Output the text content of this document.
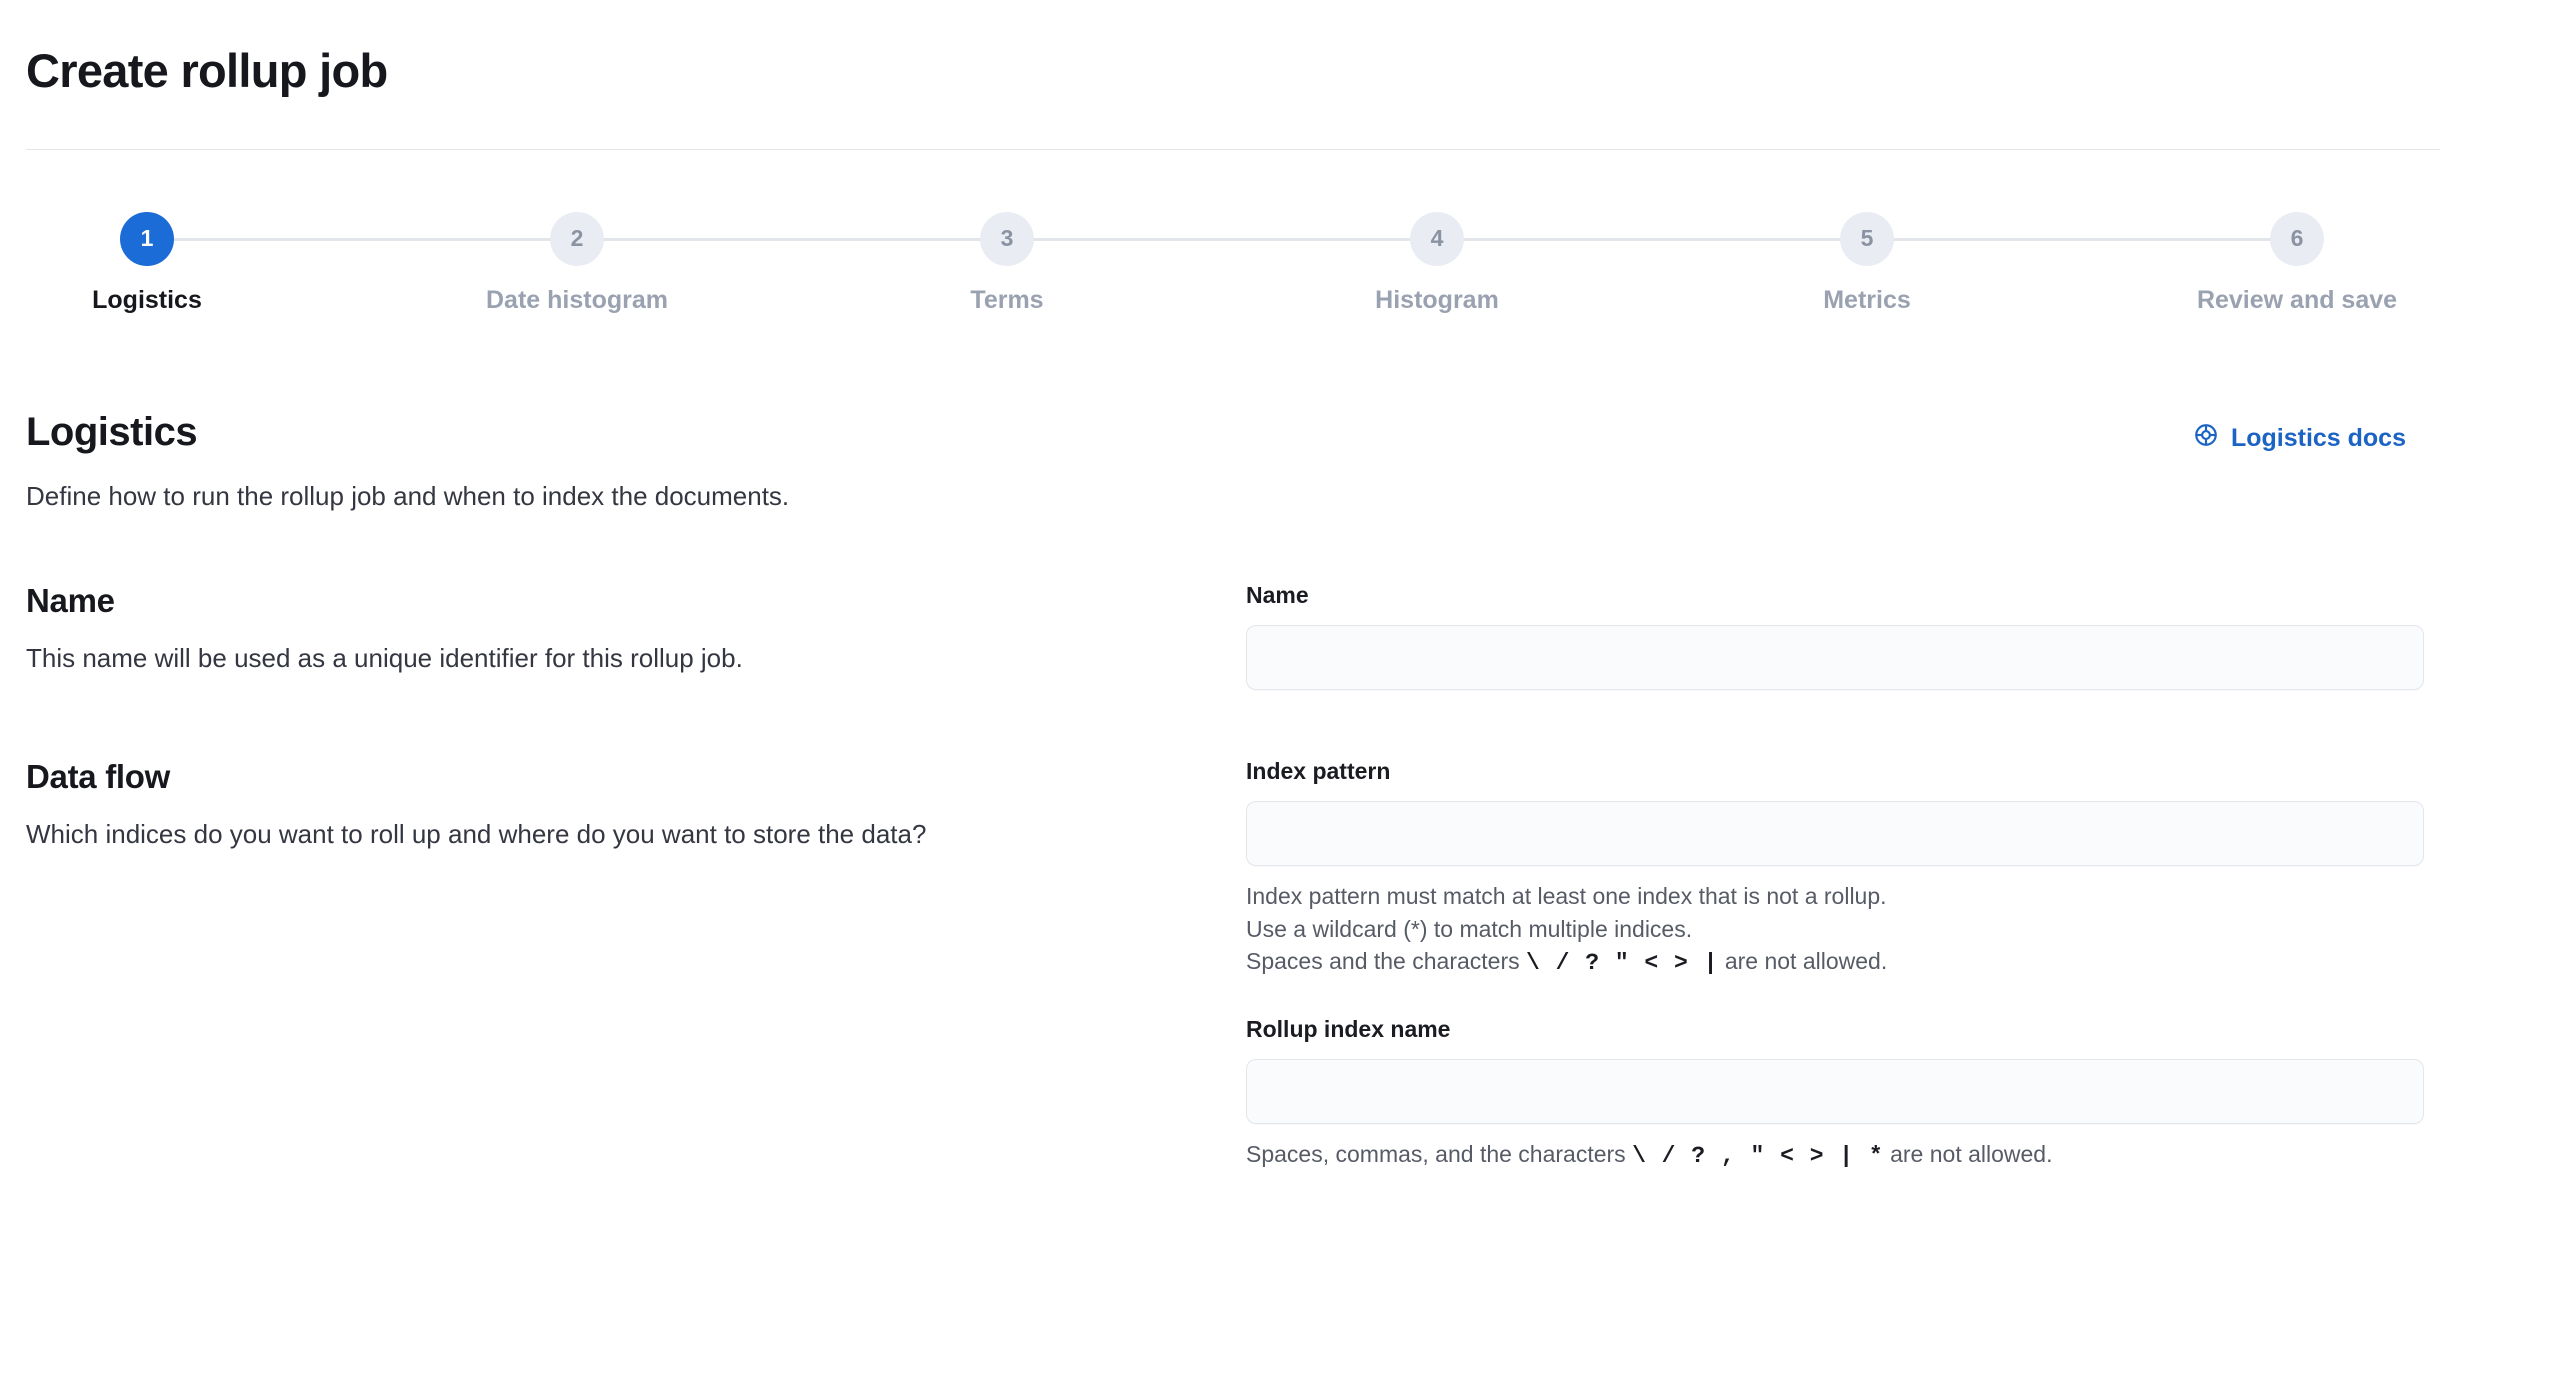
Create rollup job
1
Logistics
2
Date histogram
3
Terms
4
Histogram
5
Metrics
6
Review and save
Logistics	Logistics docs
Define how to run the rollup job and when to index the documents.
Name
This name will be used as a unique identifier for this rollup job.
Name
Data flow
Which indices do you want to roll up and where do you want to store the data?
Index pattern
Index pattern must match at least one index that is not a rollup.
Use a wildcard (*) to match multiple indices.
Spaces and the characters \ / ? " < > | are not allowed.
Rollup index name
Spaces, commas, and the characters \ / ? , " < > | * are not allowed.
